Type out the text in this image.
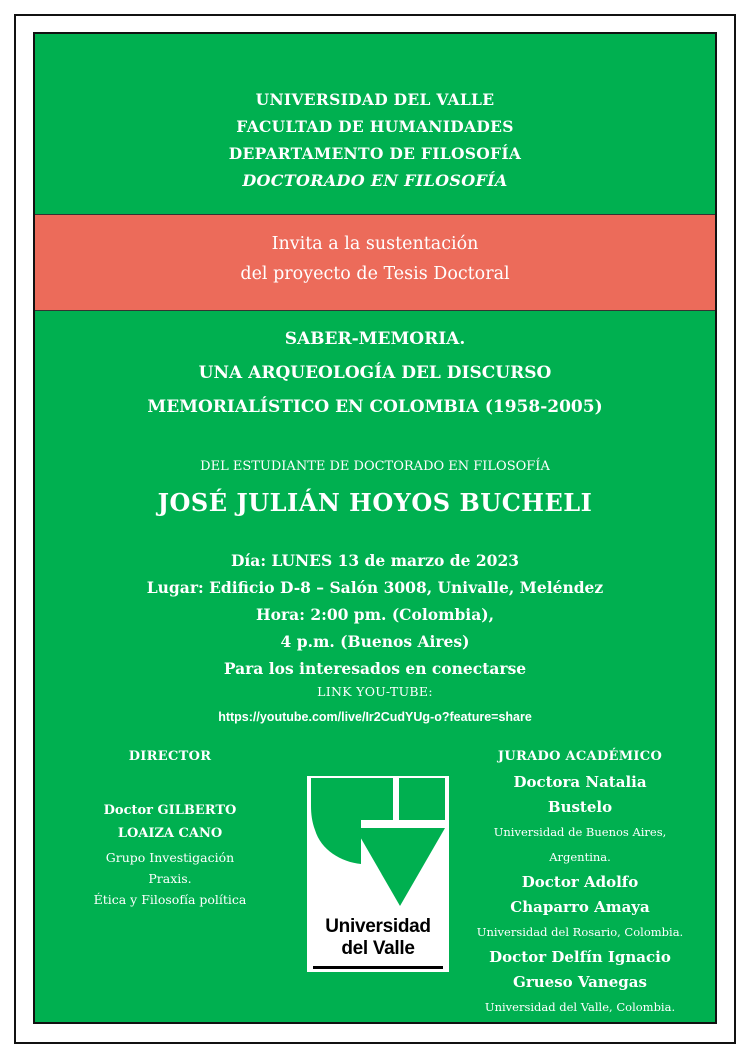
UNIVERSIDAD DEL VALLE
FACULTAD DE HUMANIDADES
DEPARTAMENTO DE FILOSOFÍA
DOCTORADO EN FILOSOFÍA
Invita a la sustentación
del proyecto de Tesis Doctoral
SABER-MEMORIA.
UNA ARQUEOLOGÍA DEL DISCURSO
MEMORIALÍSTICO EN COLOMBIA (1958-2005)
DEL ESTUDIANTE DE DOCTORADO EN FILOSOFÍA
JOSÉ JULIÁN HOYOS BUCHELI
Día: LUNES 13 de marzo de 2023
Lugar: Edificio D-8 – Salón 3008, Univalle, Meléndez
Hora: 2:00 pm. (Colombia),
4 p.m. (Buenos Aires)
Para los interesados en conectarse
LINK YOU-TUBE:
https://youtube.com/live/Ir2CudYUg-o?feature=share
DIRECTOR
Doctor GILBERTO
LOAIZA CANO
Grupo Investigación
Praxis.
Ética y Filosofía política
Universidad
del Valle
JURADO ACADÉMICO
Doctora Natalia
Bustelo
Universidad de Buenos Aires,
Argentina.
Doctor Adolfo
Chaparro Amaya
Universidad del Rosario, Colombia.
Doctor Delfín Ignacio
Grueso Vanegas
Universidad del Valle, Colombia.
